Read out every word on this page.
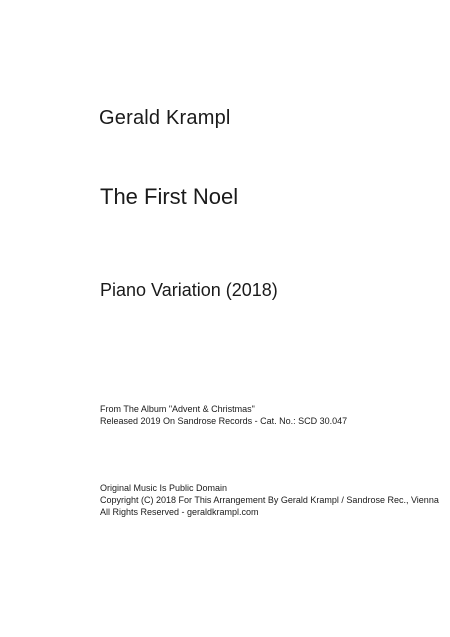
Gerald Krampl
The First Noel
Piano Variation (2018)
From The Album "Advent & Christmas"
Released 2019 On Sandrose Records - Cat. No.: SCD 30.047
Original Music Is Public Domain
Copyright (C) 2018 For This Arrangement By Gerald Krampl / Sandrose Rec., Vienna
All Rights Reserved - geraldkrampl.com
